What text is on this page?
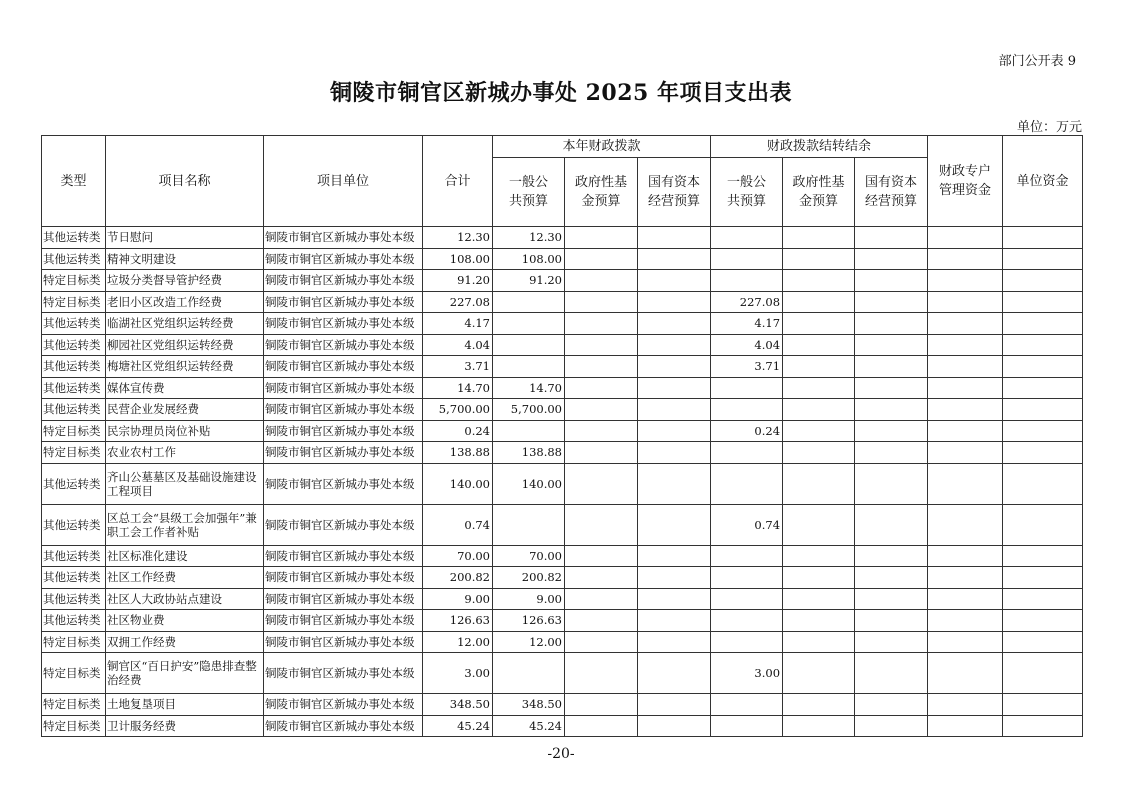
部门公开表 9
铜陵市铜官区新城办事处 2025 年项目支出表
单位：万元
类型	项目名称	项目单位	合计	本年财政拨款			财政拨款结转结余			财政专户管理资金	单位资金
				一般公共预算	政府性基金预算	国有资本经营预算	一般公共预算	政府性基金预算	国有资本经营预算		
其他运转类	节日慰问	铜陵市铜官区新城办事处本级	12.30	12.30							
其他运转类	精神文明建设	铜陵市铜官区新城办事处本级	108.00	108.00							
特定目标类	垃圾分类督导管护经费	铜陵市铜官区新城办事处本级	91.20	91.20							
特定目标类	老旧小区改造工作经费	铜陵市铜官区新城办事处本级	227.08				227.08				
其他运转类	临湖社区党组织运转经费	铜陵市铜官区新城办事处本级	4.17				4.17				
其他运转类	柳园社区党组织运转经费	铜陵市铜官区新城办事处本级	4.04				4.04				
其他运转类	梅塘社区党组织运转经费	铜陵市铜官区新城办事处本级	3.71				3.71				
其他运转类	媒体宣传费	铜陵市铜官区新城办事处本级	14.70	14.70							
其他运转类	民营企业发展经费	铜陵市铜官区新城办事处本级	5,700.00	5,700.00							
特定目标类	民宗协理员岗位补贴	铜陵市铜官区新城办事处本级	0.24				0.24				
特定目标类	农业农村工作	铜陵市铜官区新城办事处本级	138.88	138.88							
其他运转类	齐山公墓墓区及基础设施建设工程项目	铜陵市铜官区新城办事处本级	140.00	140.00							
其他运转类	区总工会“县级工会加强年”兼职工会工作者补贴	铜陵市铜官区新城办事处本级	0.74				0.74				
其他运转类	社区标准化建设	铜陵市铜官区新城办事处本级	70.00	70.00							
其他运转类	社区工作经费	铜陵市铜官区新城办事处本级	200.82	200.82							
其他运转类	社区人大政协站点建设	铜陵市铜官区新城办事处本级	9.00	9.00							
其他运转类	社区物业费	铜陵市铜官区新城办事处本级	126.63	126.63							
特定目标类	双拥工作经费	铜陵市铜官区新城办事处本级	12.00	12.00							
特定目标类	铜官区“百日护安”隐患排查整治经费	铜陵市铜官区新城办事处本级	3.00				3.00				
特定目标类	土地复垦项目	铜陵市铜官区新城办事处本级	348.50	348.50							
特定目标类	卫计服务经费	铜陵市铜官区新城办事处本级	45.24	45.24							
-20-
